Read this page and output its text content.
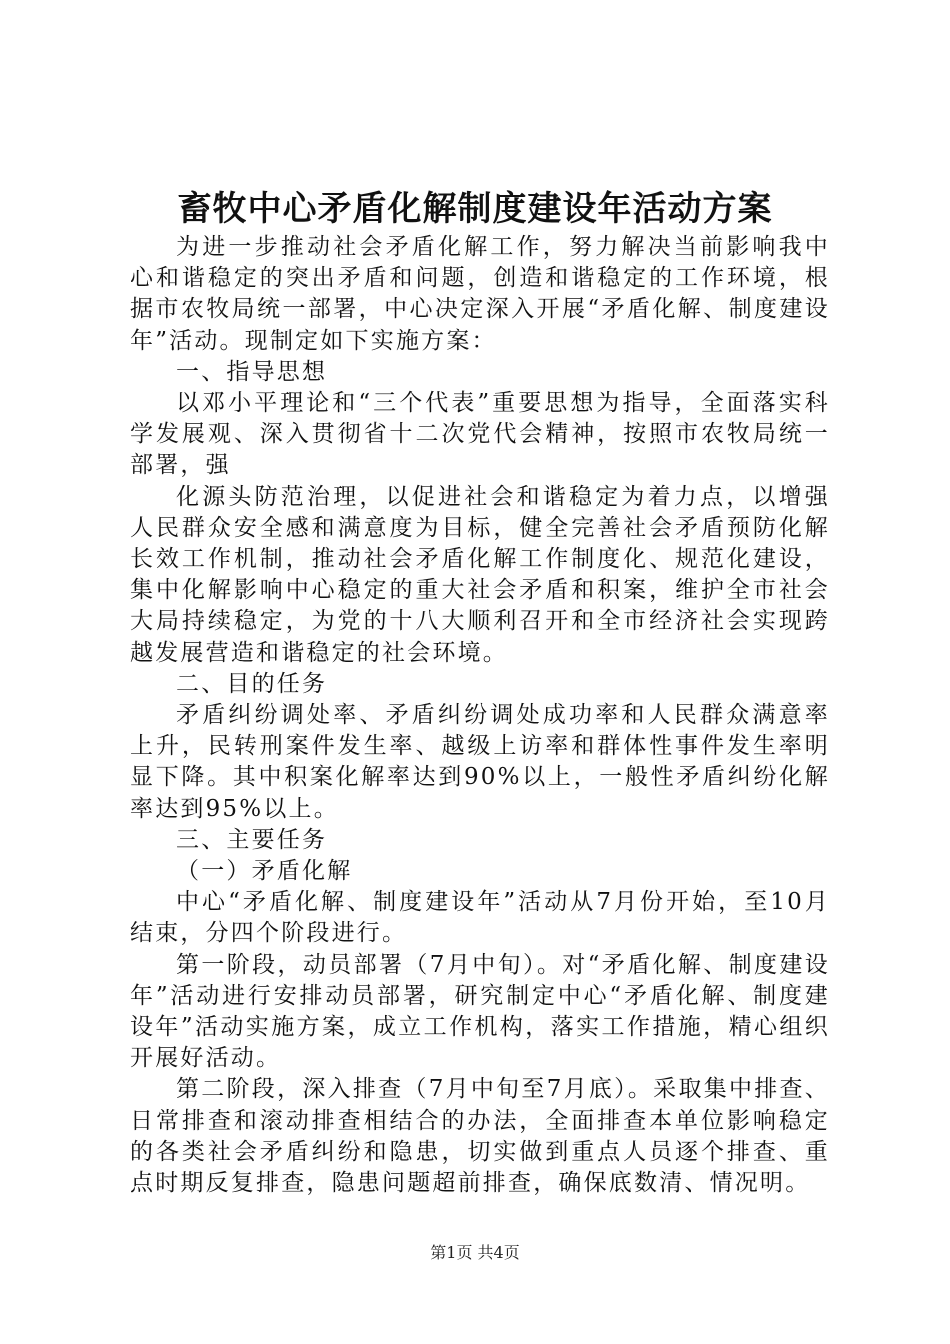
畜牧中心矛盾化解制度建设年活动方案

为进一步推动社会矛盾化解工作，努力解决当前影响我中心和谐稳定的突出矛盾和问题，创造和谐稳定的工作环境，根据市农牧局统一部署，中心决定深入开展“矛盾化解、制度建设年”活动。现制定如下实施方案：

一、指导思想

以邓小平理论和“三个代表”重要思想为指导，全面落实科学发展观、深入贯彻省十二次党代会精神，按照市农牧局统一部署，强

化源头防范治理，以促进社会和谐稳定为着力点，以增强人民群众安全感和满意度为目标，健全完善社会矛盾预防化解长效工作机制，推动社会矛盾化解工作制度化、规范化建设，集中化解影响中心稳定的重大社会矛盾和积案，维护全市社会大局持续稳定，为党的十八大顺利召开和全市经济社会实现跨越发展营造和谐稳定的社会环境。

二、目的任务

矛盾纠纷调处率、矛盾纠纷调处成功率和人民群众满意率上升，民转刑案件发生率、越级上访率和群体性事件发生率明显下降。其中积案化解率达到90%以上，一般性矛盾纠纷化解率达到95%以上。

三、主要任务

（一）矛盾化解

中心“矛盾化解、制度建设年”活动从7月份开始，至10月结束，分四个阶段进行。

第一阶段，动员部署（7月中旬）。对“矛盾化解、制度建设年”活动进行安排动员部署，研究制定中心“矛盾化解、制度建设年”活动实施方案，成立工作机构，落实工作措施，精心组织开展好活动。

第二阶段，深入排查（7月中旬至7月底）。采取集中排查、日常排查和滚动排查相结合的办法，全面排查本单位影响稳定的各类社会矛盾纠纷和隐患，切实做到重点人员逐个排查、重点时期反复排查，隐患问题超前排查，确保底数清、情况明。

第1页 共4页
